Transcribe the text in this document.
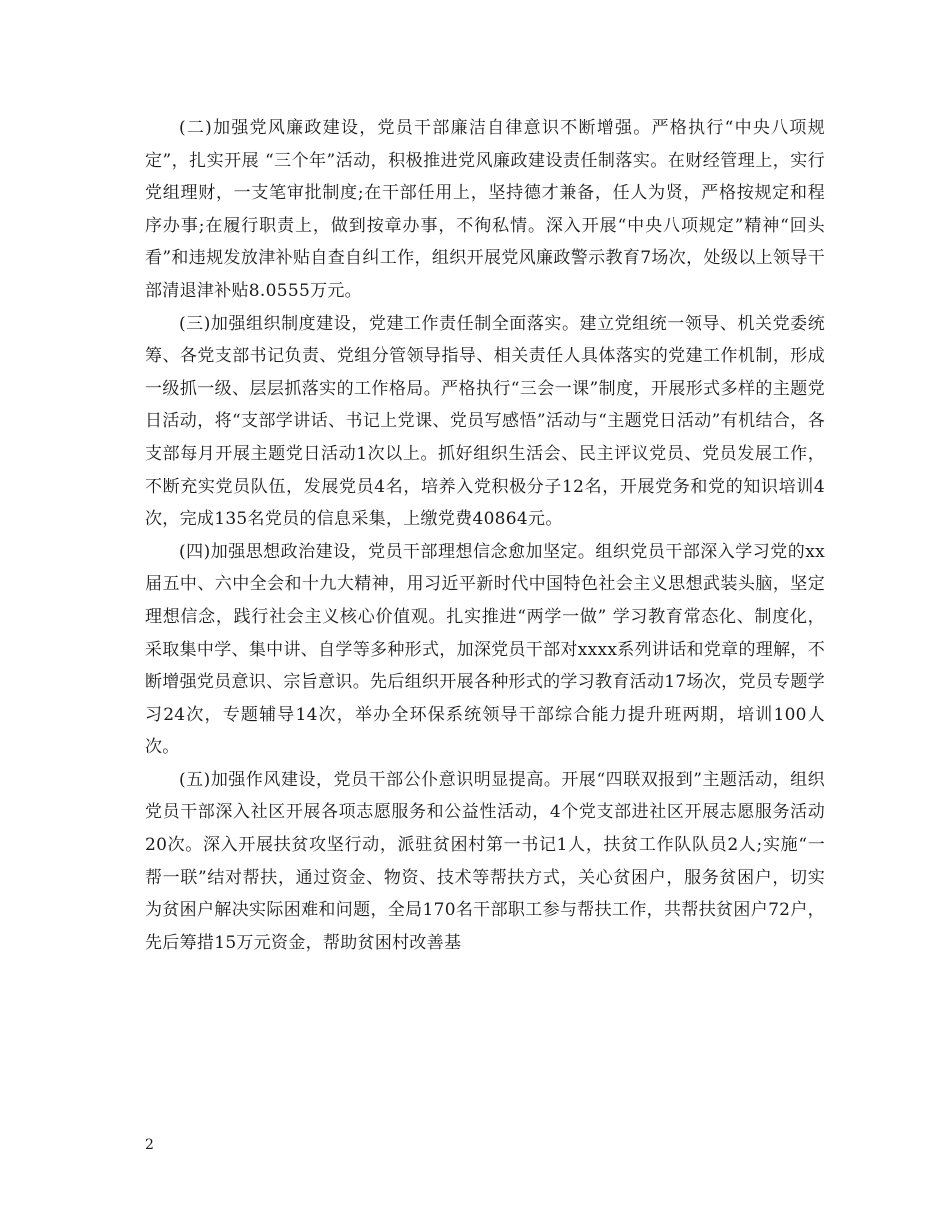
(二)加强党风廉政建设，党员干部廉洁自律意识不断增强。严格执行“中央八项规定”，扎实开展 “三个年”活动，积极推进党风廉政建设责任制落实。在财经管理上，实行党组理财，一支笔审批制度;在干部任用上，坚持德才兼备，任人为贤，严格按规定和程序办事;在履行职责上，做到按章办事，不徇私情。深入开展“中央八项规定”精神“回头看”和违规发放津补贴自查自纠工作，组织开展党风廉政警示教育7场次，处级以上领导干部清退津补贴8.0555万元。

(三)加强组织制度建设，党建工作责任制全面落实。建立党组统一领导、机关党委统筹、各党支部书记负责、党组分管领导指导、相关责任人具体落实的党建工作机制，形成一级抓一级、层层抓落实的工作格局。严格执行“三会一课”制度，开展形式多样的主题党日活动，将“支部学讲话、书记上党课、党员写感悟”活动与“主题党日活动”有机结合，各支部每月开展主题党日活动1次以上。抓好组织生活会、民主评议党员、党员发展工作，不断充实党员队伍，发展党员4名，培养入党积极分子12名，开展党务和党的知识培训4次，完成135名党员的信息采集，上缴党费40864元。

(四)加强思想政治建设，党员干部理想信念愈加坚定。组织党员干部深入学习党的xx届五中、六中全会和十九大精神，用习近平新时代中国特色社会主义思想武装头脑，坚定理想信念，践行社会主义核心价值观。扎实推进“两学一做” 学习教育常态化、制度化，采取集中学、集中讲、自学等多种形式，加深党员干部对xxxx系列讲话和党章的理解，不断增强党员意识、宗旨意识。先后组织开展各种形式的学习教育活动17场次，党员专题学习24次，专题辅导14次，举办全环保系统领导干部综合能力提升班两期，培训100人次。

(五)加强作风建设，党员干部公仆意识明显提高。开展“四联双报到”主题活动，组织党员干部深入社区开展各项志愿服务和公益性活动，4个党支部进社区开展志愿服务活动20次。深入开展扶贫攻坚行动，派驻贫困村第一书记1人，扶贫工作队队员2人;实施“一帮一联”结对帮扶，通过资金、物资、技术等帮扶方式，关心贫困户，服务贫困户，切实为贫困户解决实际困难和问题，全局170名干部职工参与帮扶工作，共帮扶贫困户72户，先后筹措15万元资金，帮助贫困村改善基

2
